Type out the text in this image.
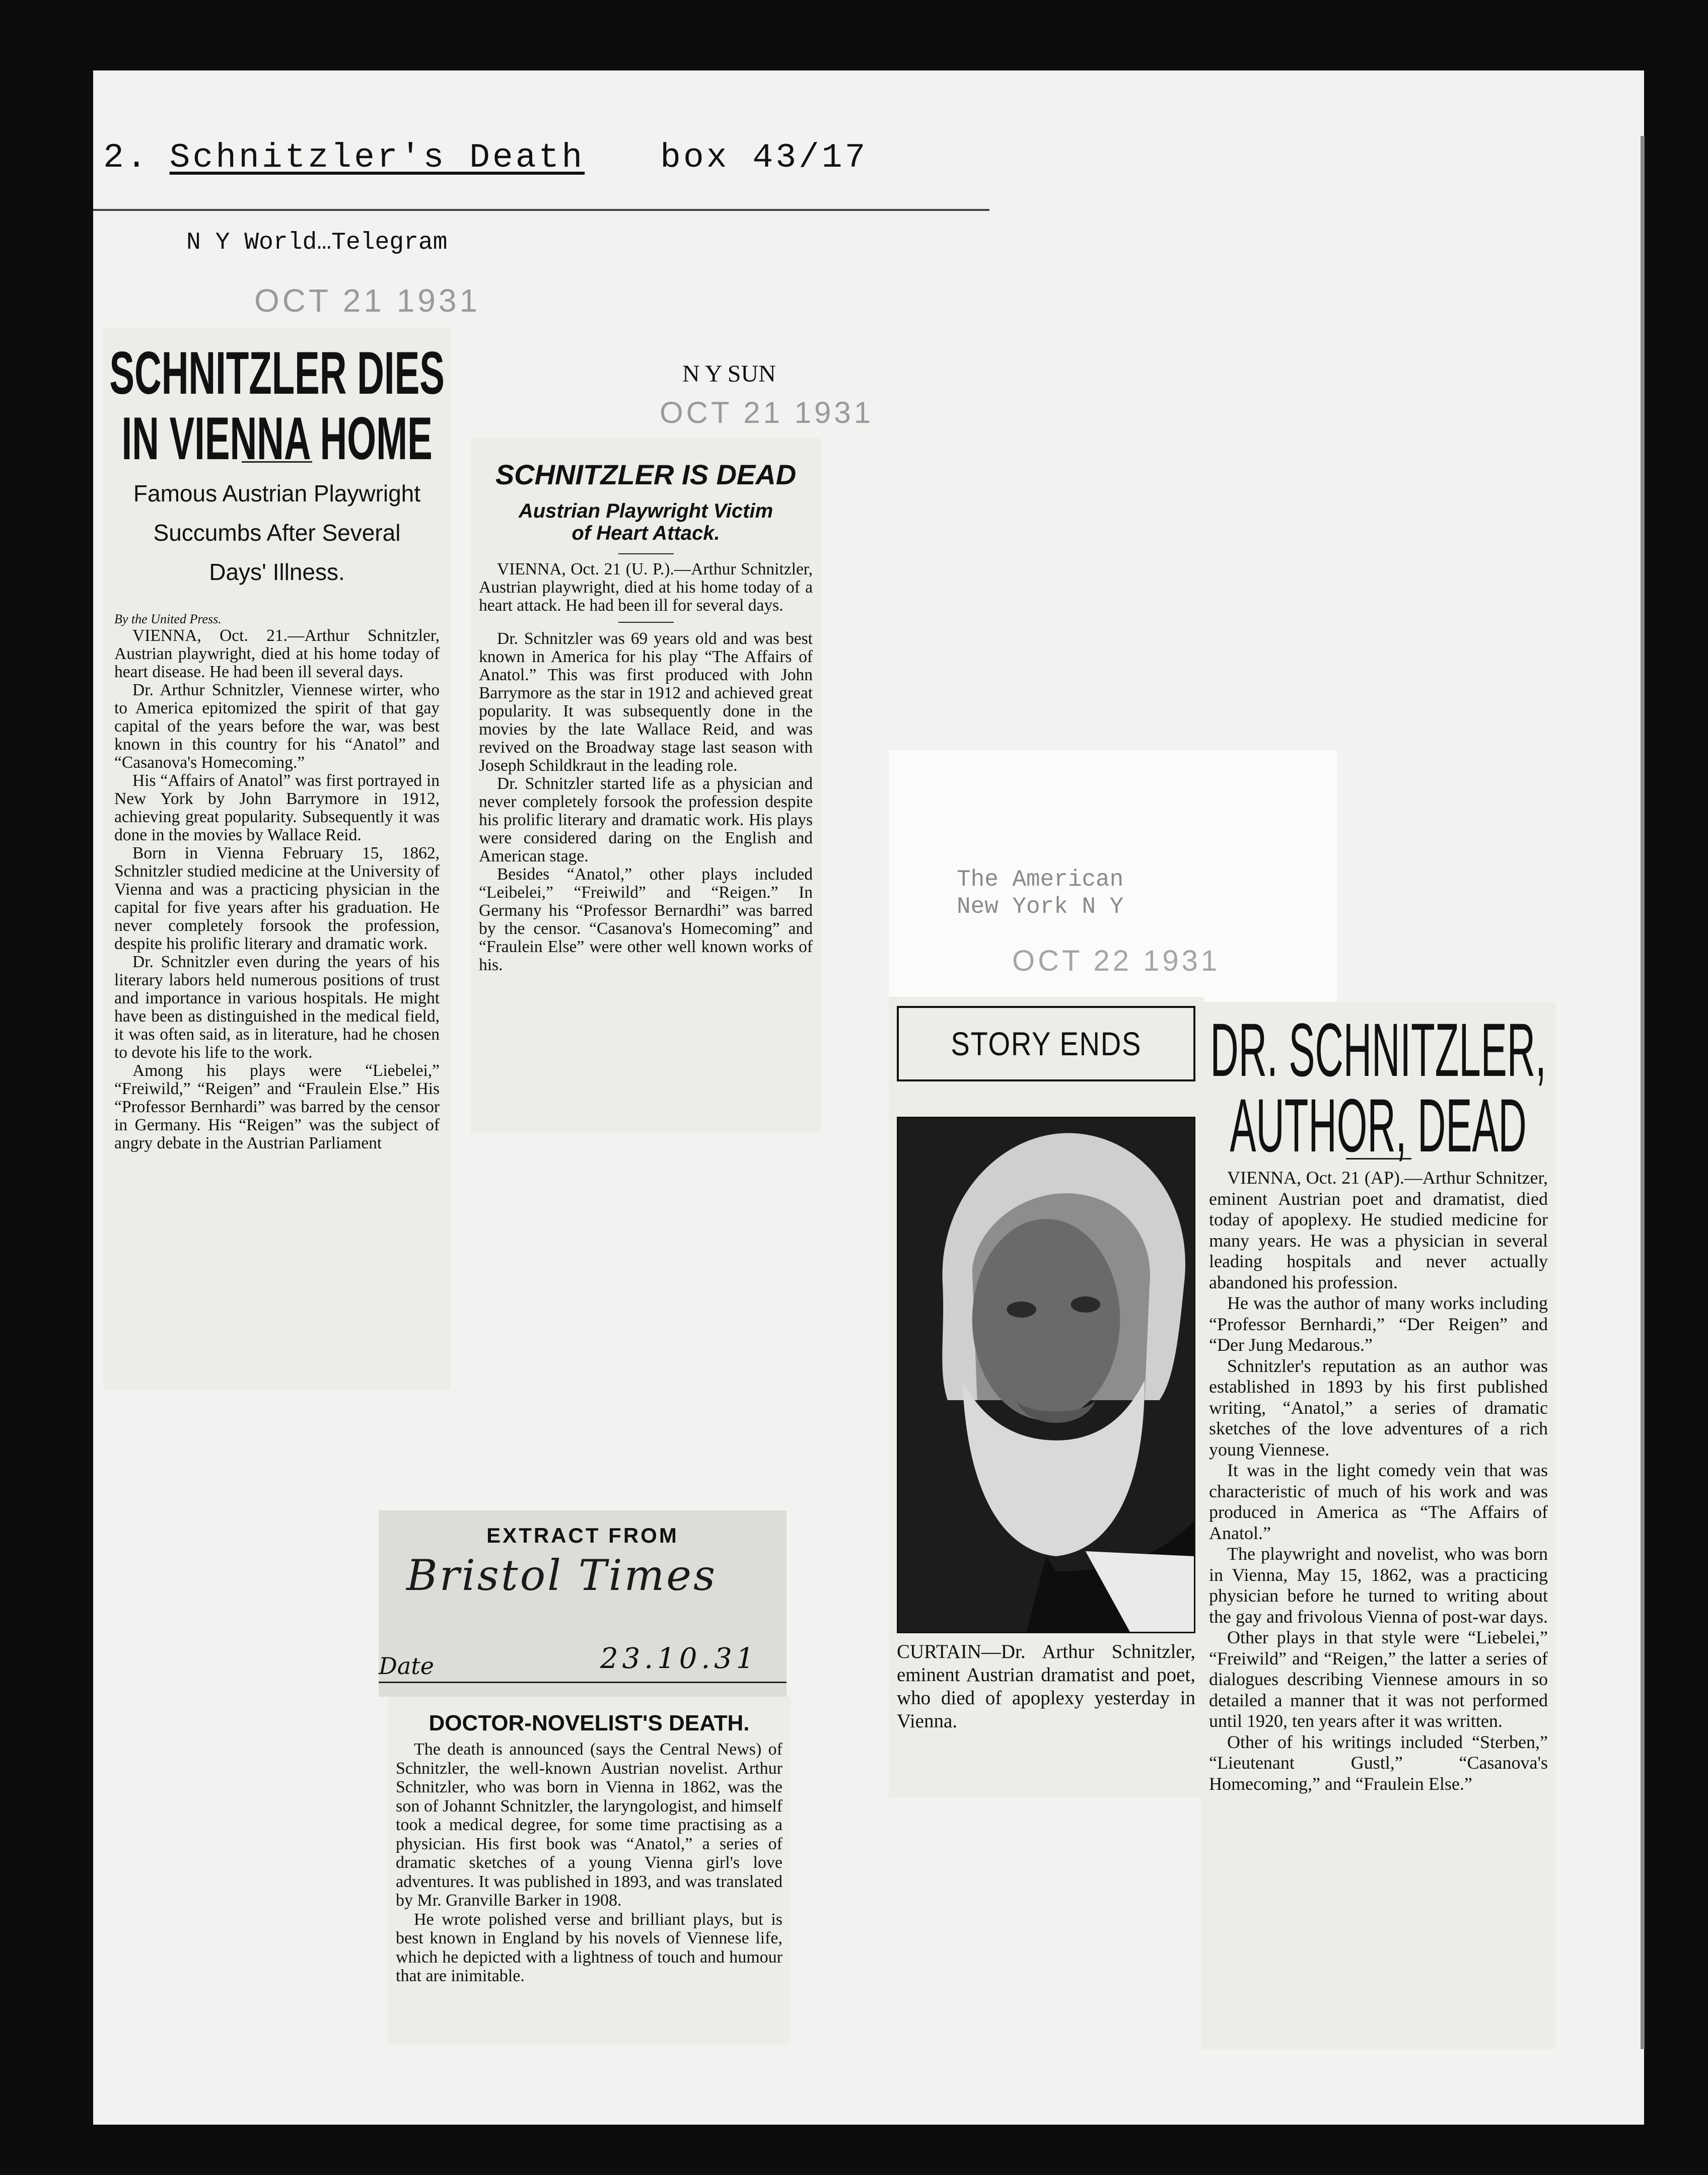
2. Schnitzler's Death box 43/17
N Y World…Telegram
OCT 21 1931
SCHNITZLER DIES
IN VIENNA HOME
Famous Austrian Playwright
Succumbs After Several
Days' Illness.
By the United Press.

VIENNA, Oct. 21.—Arthur Schnitzler, Austrian playwright, died at his home today of heart disease. He had been ill several days.

Dr. Arthur Schnitzler, Viennese wirter, who to America epitomized the spirit of that gay capital of the years before the war, was best known in this country for his “Anatol” and “Casanova's Homecoming.”

His “Affairs of Anatol” was first portrayed in New York by John Barrymore in 1912, achieving great popularity. Subsequently it was done in the movies by Wallace Reid.

Born in Vienna February 15, 1862, Schnitzler studied medicine at the University of Vienna and was a practicing physician in the capital for five years after his graduation. He never completely forsook the profession, despite his prolific literary and dramatic work.

Dr. Schnitzler even during the years of his literary labors held numerous positions of trust and importance in various hospitals. He might have been as distinguished in the medical field, it was often said, as in literature, had he chosen to devote his life to the work.

Among his plays were “Liebelei,” “Freiwild,” “Reigen” and “Fraulein Else.” His “Professor Bernhardi” was barred by the censor in Germany. His “Reigen” was the subject of angry debate in the Austrian Parliament

N Y SUN
OCT 21 1931
SCHNITZLER IS DEAD
Austrian Playwright Victim
of Heart Attack.

VIENNA, Oct. 21 (U. P.).—Arthur Schnitzler, Austrian playwright, died at his home today of a heart attack. He had been ill for several days.

Dr. Schnitzler was 69 years old and was best known in America for his play “The Affairs of Anatol.” This was first produced with John Barrymore as the star in 1912 and achieved great popularity. It was subsequently done in the movies by the late Wallace Reid, and was revived on the Broadway stage last season with Joseph Schildkraut in the leading role.

Dr. Schnitzler started life as a physician and never completely forsook the profession despite his prolific literary and dramatic work. His plays were considered daring on the English and American stage.

Besides “Anatol,” other plays included “Leibelei,” “Freiwild” and “Reigen.” In Germany his “Professor Bernardhi” was barred by the censor. “Casanova's Homecoming” and “Fraulein Else” were other well known works of his.

The American
New York N Y
OCT 22 1931
STORY ENDS
CURTAIN—Dr. Arthur Schnitzler, eminent Austrian dramatist and poet, who died of apoplexy yesterday in Vienna.
DR. SCHNITZLER,
AUTHOR, DEAD

VIENNA, Oct. 21 (AP).—Arthur Schnitzer, eminent Austrian poet and dramatist, died today of apoplexy. He studied medicine for many years. He was a physician in several leading hospitals and never actually abandoned his profession.

He was the author of many works including “Professor Bernhardi,” “Der Reigen” and “Der Jung Medarous.”

Schnitzler's reputation as an author was established in 1893 by his first published writing, “Anatol,” a series of dramatic sketches of the love adventures of a rich young Viennese.

It was in the light comedy vein that was characteristic of much of his work and was produced in America as “The Affairs of Anatol.”

The playwright and novelist, who was born in Vienna, May 15, 1862, was a practicing physician before he turned to writing about the gay and frivolous Vienna of post-war days.

Other plays in that style were “Liebelei,” “Freiwild” and “Reigen,” the latter a series of dialogues describing Viennese amours in so detailed a manner that it was not performed until 1920, ten years after it was written.

Other of his writings included “Sterben,” “Lieutenant Gustl,” “Casanova's Homecoming,” and “Fraulein Else.”

EXTRACT FROM
Bristol Times
Date	23.10.31
DOCTOR-NOVELIST'S DEATH.

The death is announced (says the Central News) of Schnitzler, the well-known Austrian novelist. Arthur Schnitzler, who was born in Vienna in 1862, was the son of Johannt Schnitzler, the laryngologist, and himself took a medical degree, for some time practising as a physician. His first book was “Anatol,” a series of dramatic sketches of a young Vienna girl's love adventures. It was published in 1893, and was translated by Mr. Granville Barker in 1908.

He wrote polished verse and brilliant plays, but is best known in England by his novels of Viennese life, which he depicted with a lightness of touch and humour that are inimitable.
